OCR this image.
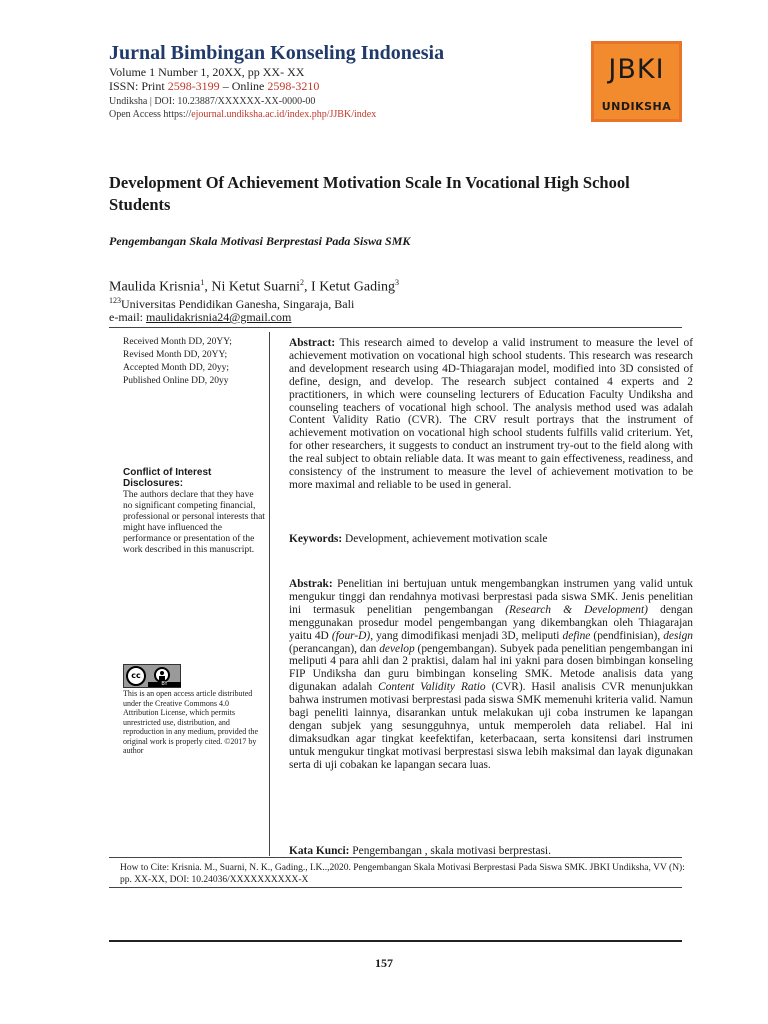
Jurnal Bimbingan Konseling Indonesia
Volume 1 Number 1, 20XX, pp XX- XX
ISSN: Print 2598-3199 – Online 2598-3210
Undiksha | DOI: 10.23887/XXXXXX-XX-0000-00
Open Access https://ejournal.undiksha.ac.id/index.php/JJBK/index
JBKI
UNDIKSHA
Development Of Achievement Motivation Scale In Vocational High School Students
Pengembangan Skala Motivasi Berprestasi Pada Siswa SMK
Maulida Krisnia$^1$, Ni Ketut Suarni$^2$, I Ketut Gading$^3$
$^{123}$Universitas Pendidikan Ganesha, Singaraja, Bali
e-mail: maulidakrisnia24@gmail.com
Received Month DD, 20YY;
Revised Month DD, 20YY;
Accepted Month DD, 20yy;
Published Online DD, 20yy
Conflict of Interest Disclosures:
The authors declare that they have no significant competing financial, professional or personal interests that might have influenced the performance or presentation of the work described in this manuscript.
cc
BY
This is an open access article distributed under the Creative Commons 4.0 Attribution License, which permits unrestricted use, distribution, and reproduction in any medium, provided the original work is properly cited. ©2017 by author
Abstract: This research aimed to develop a valid instrument to measure the level of achievement motivation on vocational high school students. This research was research and development research using 4D-Thiagarajan model, modified into 3D consisted of define, design, and develop. The research subject contained 4 experts and 2 practitioners, in which were counseling lecturers of Education Faculty Undiksha and counseling teachers of vocational high school. The analysis method used was adalah Content Validity Ratio (CVR). The CRV result portrays that the instrument of achievement motivation on vocational high school students fulfills valid criterium. Yet, for other researchers, it suggests to conduct an instrument try-out to the field along with the real subject to obtain reliable data. It was meant to gain effectiveness, readiness, and consistency of the instrument to measure the level of achievement motivation to be more maximal and reliable to be used in general.
Keywords: Development, achievement motivation scale
Abstrak: Penelitian ini bertujuan untuk mengembangkan instrumen yang valid untuk mengukur tinggi dan rendahnya motivasi berprestasi pada siswa SMK. Jenis penelitian ini termasuk penelitian pengembangan (Research & Development) dengan menggunakan prosedur model pengembangan yang dikembangkan oleh Thiagarajan yaitu 4D (four-D), yang dimodifikasi menjadi 3D, meliputi define (pendfinisian), design (perancangan), dan develop (pengembangan). Subyek pada penelitian pengembangan ini meliputi 4 para ahli dan 2 praktisi, dalam hal ini yakni para dosen bimbingan konseling FIP Undiksha dan guru bimbingan konseling SMK. Metode analisis data yang digunakan adalah Content Validity Ratio (CVR). Hasil analisis CVR menunjukkan bahwa instrumen motivasi berprestasi pada siswa SMK memenuhi kriteria valid. Namun bagi peneliti lainnya, disarankan untuk melakukan uji coba instrumen ke lapangan dengan subjek yang sesungguhnya, untuk memperoleh data reliabel. Hal ini dimaksudkan agar tingkat keefektifan, keterbacaan, serta konsitensi dari instrumen untuk mengukur tingkat motivasi berprestasi siswa lebih maksimal dan layak digunakan serta di uji cobakan ke lapangan secara luas.
Kata Kunci: Pengembangan , skala motivasi berprestasi.
How to Cite: Krisnia. M., Suarni, N. K., Gading., I.K..,2020. Pengembangan Skala Motivasi Berprestasi Pada Siswa SMK. JBKI Undiksha, VV (N): pp. XX-XX, DOI: 10.24036/XXXXXXXXXX-X
157
